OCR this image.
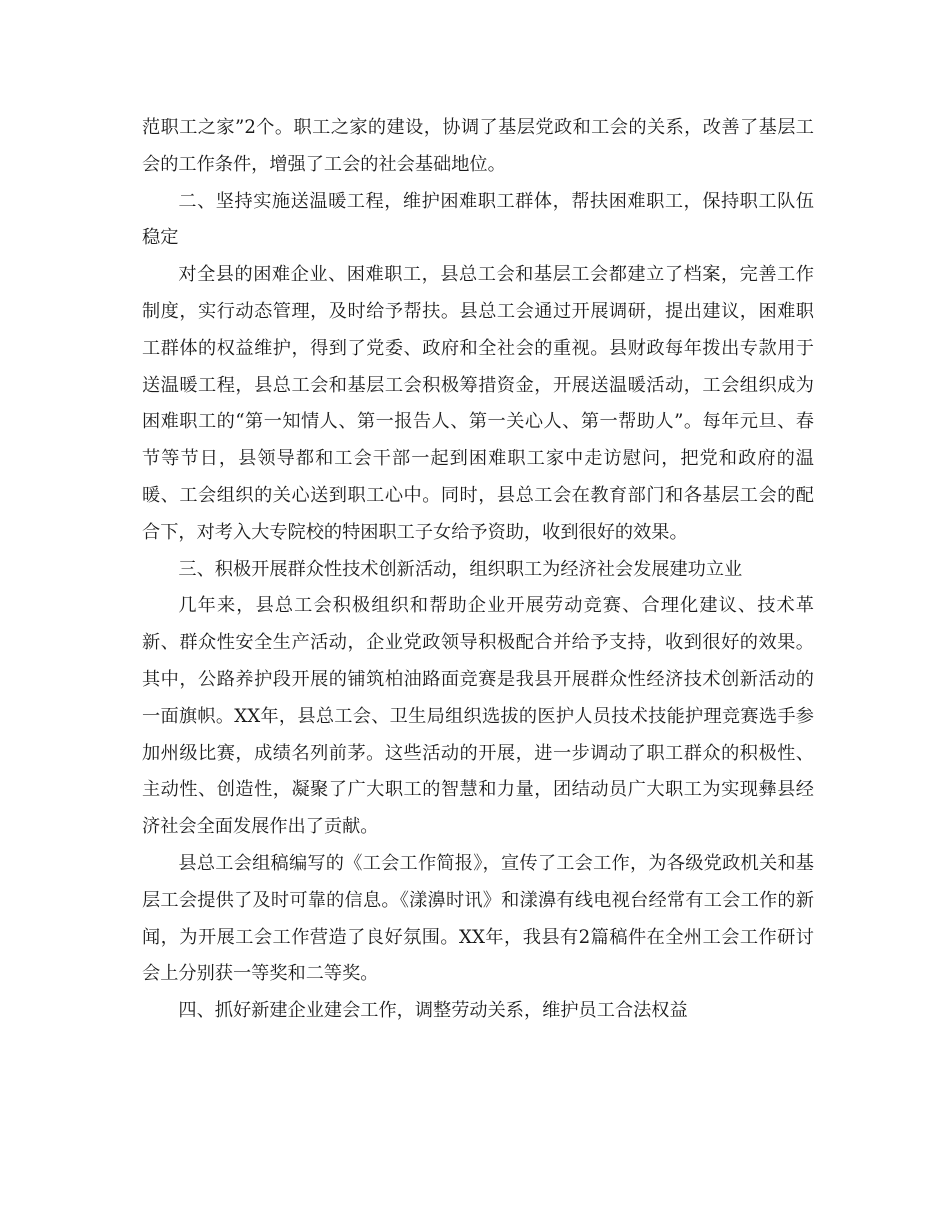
范职工之家”2个。职工之家的建设，协调了基层党政和工会的关系，改善了基层工会的工作条件，增强了工会的社会基础地位。

二、坚持实施送温暖工程，维护困难职工群体，帮扶困难职工，保持职工队伍稳定

对全县的困难企业、困难职工，县总工会和基层工会都建立了档案，完善工作制度，实行动态管理，及时给予帮扶。县总工会通过开展调研，提出建议，困难职工群体的权益维护，得到了党委、政府和全社会的重视。县财政每年拨出专款用于送温暖工程，县总工会和基层工会积极筹措资金，开展送温暖活动，工会组织成为困难职工的“第一知情人、第一报告人、第一关心人、第一帮助人”。每年元旦、春节等节日，县领导都和工会干部一起到困难职工家中走访慰问，把党和政府的温暖、工会组织的关心送到职工心中。同时，县总工会在教育部门和各基层工会的配合下，对考入大专院校的特困职工子女给予资助，收到很好的效果。

三、积极开展群众性技术创新活动，组织职工为经济社会发展建功立业

几年来，县总工会积极组织和帮助企业开展劳动竞赛、合理化建议、技术革新、群众性安全生产活动，企业党政领导积极配合并给予支持，收到很好的效果。其中，公路养护段开展的铺筑柏油路面竞赛是我县开展群众性经济技术创新活动的一面旗帜。XX年，县总工会、卫生局组织选拔的医护人员技术技能护理竞赛选手参加州级比赛，成绩名列前茅。这些活动的开展，进一步调动了职工群众的积极性、主动性、创造性，凝聚了广大职工的智慧和力量，团结动员广大职工为实现彝县经济社会全面发展作出了贡献。

县总工会组稿编写的《工会工作简报》，宣传了工会工作，为各级党政机关和基层工会提供了及时可靠的信息。《漾濞时讯》和漾濞有线电视台经常有工会工作的新闻，为开展工会工作营造了良好氛围。XX年，我县有2篇稿件在全州工会工作研讨会上分别获一等奖和二等奖。

四、抓好新建企业建会工作，调整劳动关系，维护员工合法权益
